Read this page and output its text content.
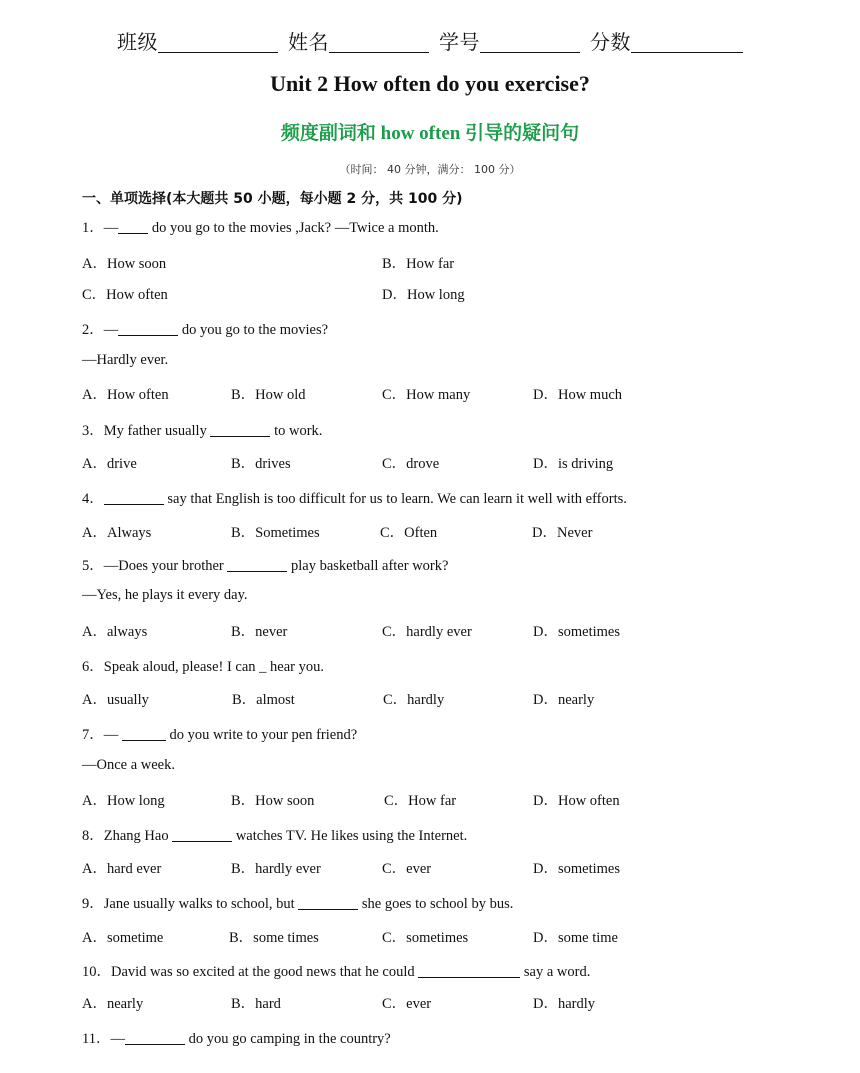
班级	姓名	学号	分数
Unit 2 How often do you exercise?
频度副词和 how often 引导的疑问句
（时间： 40 分钟，满分： 100 分）
一、单项选择(本大题共 50 小题，每小题 2 分，共 100 分)
1．— do you go to the movies ,Jack? —Twice a month.
A．How soon	B．How far
C．How often	D．How long
2．—	do you go to the movies?
—Hardly ever.
A．How often	B．How old	C．How many	D．How much
3．My father usually	to work.
A．drive	B．drives	C．drove	D．is driving
4．	say that English is too difficult for us to learn. We can learn it well with efforts.
A．Always	B．Sometimes	C．Often	D．Never
5．—Does your brother	play basketball after work?
—Yes, he plays it every day.
A．always	B．never	C．hardly ever	D．sometimes
6．Speak aloud, please! I can _ hear you.
A．usually	B．almost	C．hardly	D．nearly
7．—	do you write to your pen friend?
—Once a week.
A．How long	B．How soon	C．How far	D．How often
8．Zhang Hao	watches TV. He likes using the Internet.
A．hard ever	B．hardly ever	C．ever	D．sometimes
9．Jane usually walks to school, but	she goes to school by bus.
A．sometime	B．some times	C．sometimes	D．some time
10．David was so excited at the good news that he could	say a word.
A．nearly	B．hard	C．ever	D．hardly
11．—	do you go camping in the country?
